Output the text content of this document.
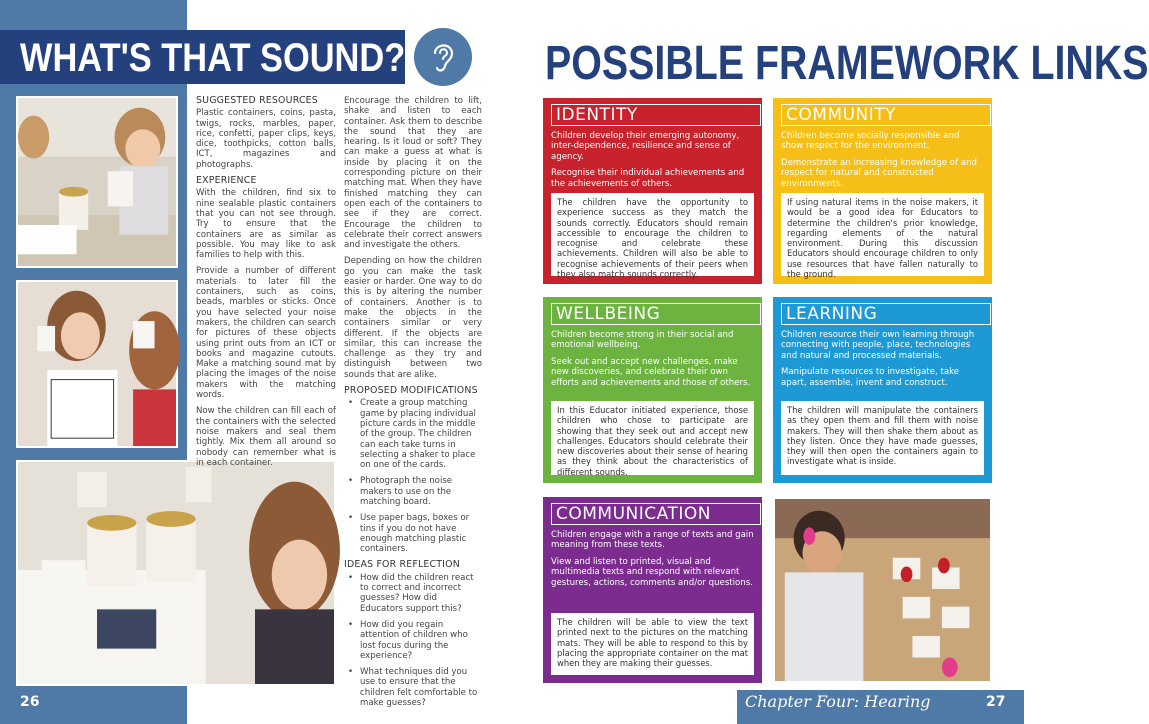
WHAT'S THAT SOUND?
SUGGESTED RESOURCES

Plastic containers, coins, pasta, twigs, rocks, marbles, paper, rice, confetti, paper clips, keys, dice, toothpicks, cotton balls, ICT, magazines and photographs.

EXPERIENCE

With the children, find six to nine sealable plastic containers that you can not see through. Try to ensure that the containers are as similar as possible. You may like to ask families to help with this.

Provide a number of different materials to later fill the containers, such as coins, beads, marbles or sticks. Once you have selected your noise makers, the children can search for pictures of these objects using print outs from an ICT or books and magazine cutouts. Make a matching sound mat by placing the images of the noise makers with the matching words.

Now the children can fill each of the containers with the selected noise makers and seal them tightly. Mix them all around so nobody can remember what is in each container.

Encourage the children to lift, shake and listen to each container. Ask them to describe the sound that they are hearing. Is it loud or soft? They can make a guess at what is inside by placing it on the corresponding picture on their matching mat. When they have finished matching they can open each of the containers to see if they are correct. Encourage the children to celebrate their correct answers and investigate the others.

Depending on how the children go you can make the task easier or harder. One way to do this is by altering the number of containers. Another is to make the objects in the containers similar or very different. If the objects are similar, this can increase the challenge as they try and distinguish between two sounds that are alike.

PROPOSED MODIFICATIONS
• Create a group matching game by placing individual picture cards in the middle of the group. The children can each take turns in selecting a shaker to place on one of the cards.
• Photograph the noise makers to use on the matching board.
• Use paper bags, boxes or tins if you do not have enough matching plastic containers.
IDEAS FOR REFLECTION
• How did the children react to correct and incorrect guesses? How did Educators support this?
• How did you regain attention of children who lost focus during the experience?
• What techniques did you use to ensure that the children felt comfortable to make guesses?
26
POSSIBLE FRAMEWORK LINKS
IDENTITY
Children develop their emerging autonomy, inter-dependence, resilience and sense of agency.
Recognise their individual achievements and the achievements of others.
The children have the opportunity to experience success as they match the sounds correctly. Educators should remain accessible to encourage the children to recognise and celebrate these achievements. Children will also be able to recognise achievements of their peers when they also match sounds correctly.
COMMUNITY
Children become socially responsible and show respect for the environment.
Demonstrate an increasing knowledge of and respect for natural and constructed environments.
If using natural items in the noise makers, it would be a good idea for Educators to determine the children's prior knowledge, regarding elements of the natural environment. During this discussion Educators should encourage children to only use resources that have fallen naturally to the ground.
WELLBEING
Children become strong in their social and emotional wellbeing.
Seek out and accept new challenges, make new discoveries, and celebrate their own efforts and achievements and those of others.
In this Educator initiated experience, those children who chose to participate are showing that they seek out and accept new challenges. Educators should celebrate their new discoveries about their sense of hearing as they think about the characteristics of different sounds.
LEARNING
Children resource their own learning through connecting with people, place, technologies and natural and processed materials.
Manipulate resources to investigate, take apart, assemble, invent and construct.
The children will manipulate the containers as they open them and fill them with noise makers. They will then shake them about as they listen. Once they have made guesses, they will then open the containers again to investigate what is inside.
COMMUNICATION
Children engage with a range of texts and gain meaning from these texts.
View and listen to printed, visual and multimedia texts and respond with relevant gestures, actions, comments and/or questions.
The children will be able to view the text printed next to the pictures on the matching mats. They will be able to respond to this by placing the appropriate container on the mat when they are making their guesses.
Chapter Four: Hearing	27
